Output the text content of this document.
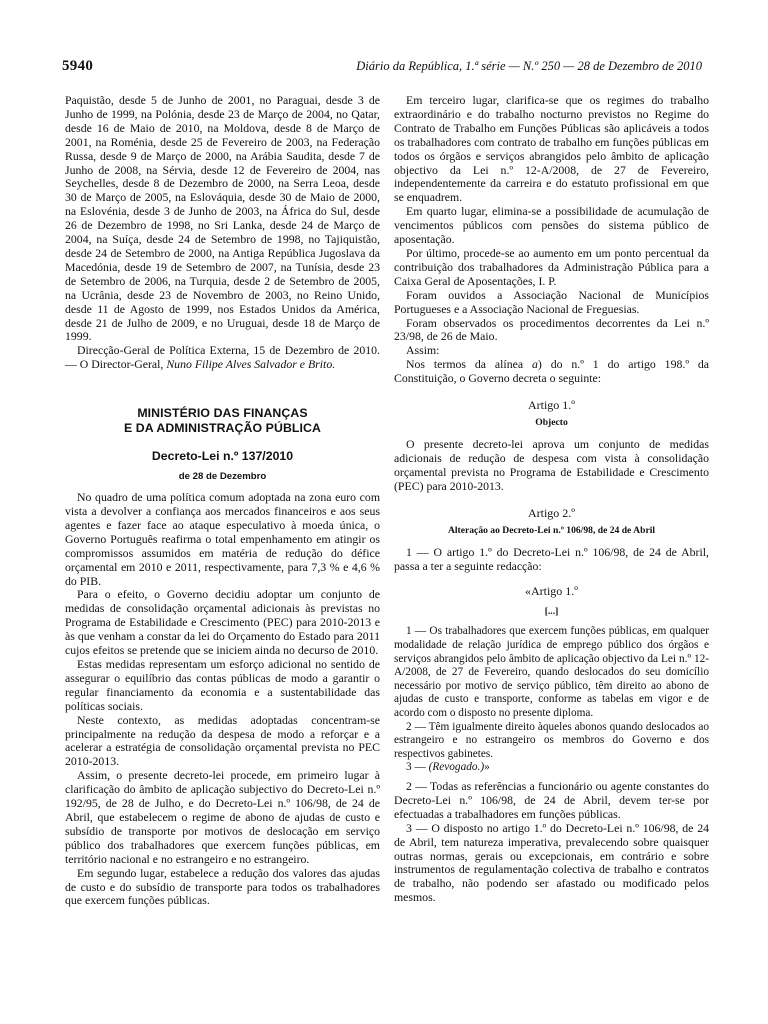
5940	Diário da República, 1.ª série — N.º 250 — 28 de Dezembro de 2010

Paquistão, desde 5 de Junho de 2001, no Paraguai, desde 3 de Junho de 1999, na Polónia, desde 23 de Março de 2004, no Qatar, desde 16 de Maio de 2010, na Moldova, desde 8 de Março de 2001, na Roménia, desde 25 de Fevereiro de 2003, na Federação Russa, desde 9 de Março de 2000, na Arábia Saudita, desde 7 de Junho de 2008, na Sérvia, desde 12 de Fevereiro de 2004, nas Seychelles, desde 8 de Dezembro de 2000, na Serra Leoa, desde 30 de Março de 2005, na Eslováquia, desde 30 de Maio de 2000, na Eslovénia, desde 3 de Junho de 2003, na África do Sul, desde 26 de Dezembro de 1998, no Sri Lanka, desde 24 de Março de 2004, na Suíça, desde 24 de Setembro de 1998, no Tajiquistão, desde 24 de Setembro de 2000, na Antiga República Jugoslava da Macedónia, desde 19 de Setembro de 2007, na Tunísia, desde 23 de Setembro de 2006, na Turquia, desde 2 de Setembro de 2005, na Ucrânia, desde 23 de Novembro de 2003, no Reino Unido, desde 11 de Agosto de 1999, nos Estados Unidos da América, desde 21 de Julho de 2009, e no Uruguai, desde 18 de Março de 1999.

Direcção-Geral de Política Externa, 15 de Dezembro de 2010. — O Director-Geral, Nuno Filipe Alves Salvador e Brito.

MINISTÉRIO DAS FINANÇAS
E DA ADMINISTRAÇÃO PÚBLICA
Decreto-Lei n.º 137/2010
de 28 de Dezembro

No quadro de uma política comum adoptada na zona euro com vista a devolver a confiança aos mercados financeiros e aos seus agentes e fazer face ao ataque especulativo à moeda única, o Governo Português reafirma o total empenhamento em atingir os compromissos assumidos em matéria de redução do défice orçamental em 2010 e 2011, respectivamente, para 7,3 % e 4,6 % do PIB.

Para o efeito, o Governo decidiu adoptar um conjunto de medidas de consolidação orçamental adicionais às previstas no Programa de Estabilidade e Crescimento (PEC) para 2010-2013 e às que venham a constar da lei do Orçamento do Estado para 2011 cujos efeitos se pretende que se iniciem ainda no decurso de 2010.

Estas medidas representam um esforço adicional no sentido de assegurar o equilíbrio das contas públicas de modo a garantir o regular financiamento da economia e a sustentabilidade das políticas sociais.

Neste contexto, as medidas adoptadas concentram-se principalmente na redução da despesa de modo a reforçar e a acelerar a estratégia de consolidação orçamental prevista no PEC 2010-2013.

Assim, o presente decreto-lei procede, em primeiro lugar à clarificação do âmbito de aplicação subjectivo do Decreto-Lei n.º 192/95, de 28 de Julho, e do Decreto-Lei n.º 106/98, de 24 de Abril, que estabelecem o regime de abono de ajudas de custo e subsídio de transporte por motivos de deslocação em serviço público dos trabalhadores que exercem funções públicas, em território nacional e no estrangeiro e no estrangeiro.

Em segundo lugar, estabelece a redução dos valores das ajudas de custo e do subsídio de transporte para todos os trabalhadores que exercem funções públicas.

Em terceiro lugar, clarifica-se que os regimes do trabalho extraordinário e do trabalho nocturno previstos no Regime do Contrato de Trabalho em Funções Públicas são aplicáveis a todos os trabalhadores com contrato de trabalho em funções públicas em todos os órgãos e serviços abrangidos pelo âmbito de aplicação objectivo da Lei n.º 12-A/2008, de 27 de Fevereiro, independentemente da carreira e do estatuto profissional em que se enquadrem.

Em quarto lugar, elimina-se a possibilidade de acumulação de vencimentos públicos com pensões do sistema público de aposentação.

Por último, procede-se ao aumento em um ponto percentual da contribuição dos trabalhadores da Administração Pública para a Caixa Geral de Aposentações, I. P.

Foram ouvidos a Associação Nacional de Municípios Portugueses e a Associação Nacional de Freguesias.

Foram observados os procedimentos decorrentes da Lei n.º 23/98, de 26 de Maio.

Assim:

Nos termos da alínea a) do n.º 1 do artigo 198.º da Constituição, o Governo decreta o seguinte:

Artigo 1.º
Objecto

O presente decreto-lei aprova um conjunto de medidas adicionais de redução de despesa com vista à consolidação orçamental prevista no Programa de Estabilidade e Crescimento (PEC) para 2010-2013.

Artigo 2.º
Alteração ao Decreto-Lei n.º 106/98, de 24 de Abril

1 — O artigo 1.º do Decreto-Lei n.º 106/98, de 24 de Abril, passa a ter a seguinte redacção:

«Artigo 1.º
[...]

1 — Os trabalhadores que exercem funções públicas, em qualquer modalidade de relação jurídica de emprego público dos órgãos e serviços abrangidos pelo âmbito de aplicação objectivo da Lei n.º 12-A/2008, de 27 de Fevereiro, quando deslocados do seu domicílio necessário por motivo de serviço público, têm direito ao abono de ajudas de custo e transporte, conforme as tabelas em vigor e de acordo com o disposto no presente diploma.

2 — Têm igualmente direito àqueles abonos quando deslocados ao estrangeiro e no estrangeiro os membros do Governo e dos respectivos gabinetes.

3 — (Revogado.)»

2 — Todas as referências a funcionário ou agente constantes do Decreto-Lei n.º 106/98, de 24 de Abril, devem ter-se por efectuadas a trabalhadores em funções públicas.

3 — O disposto no artigo 1.º do Decreto-Lei n.º 106/98, de 24 de Abril, tem natureza imperativa, prevalecendo sobre quaisquer outras normas, gerais ou excepcionais, em contrário e sobre instrumentos de regulamentação colectiva de trabalho e contratos de trabalho, não podendo ser afastado ou modificado pelos mesmos.
